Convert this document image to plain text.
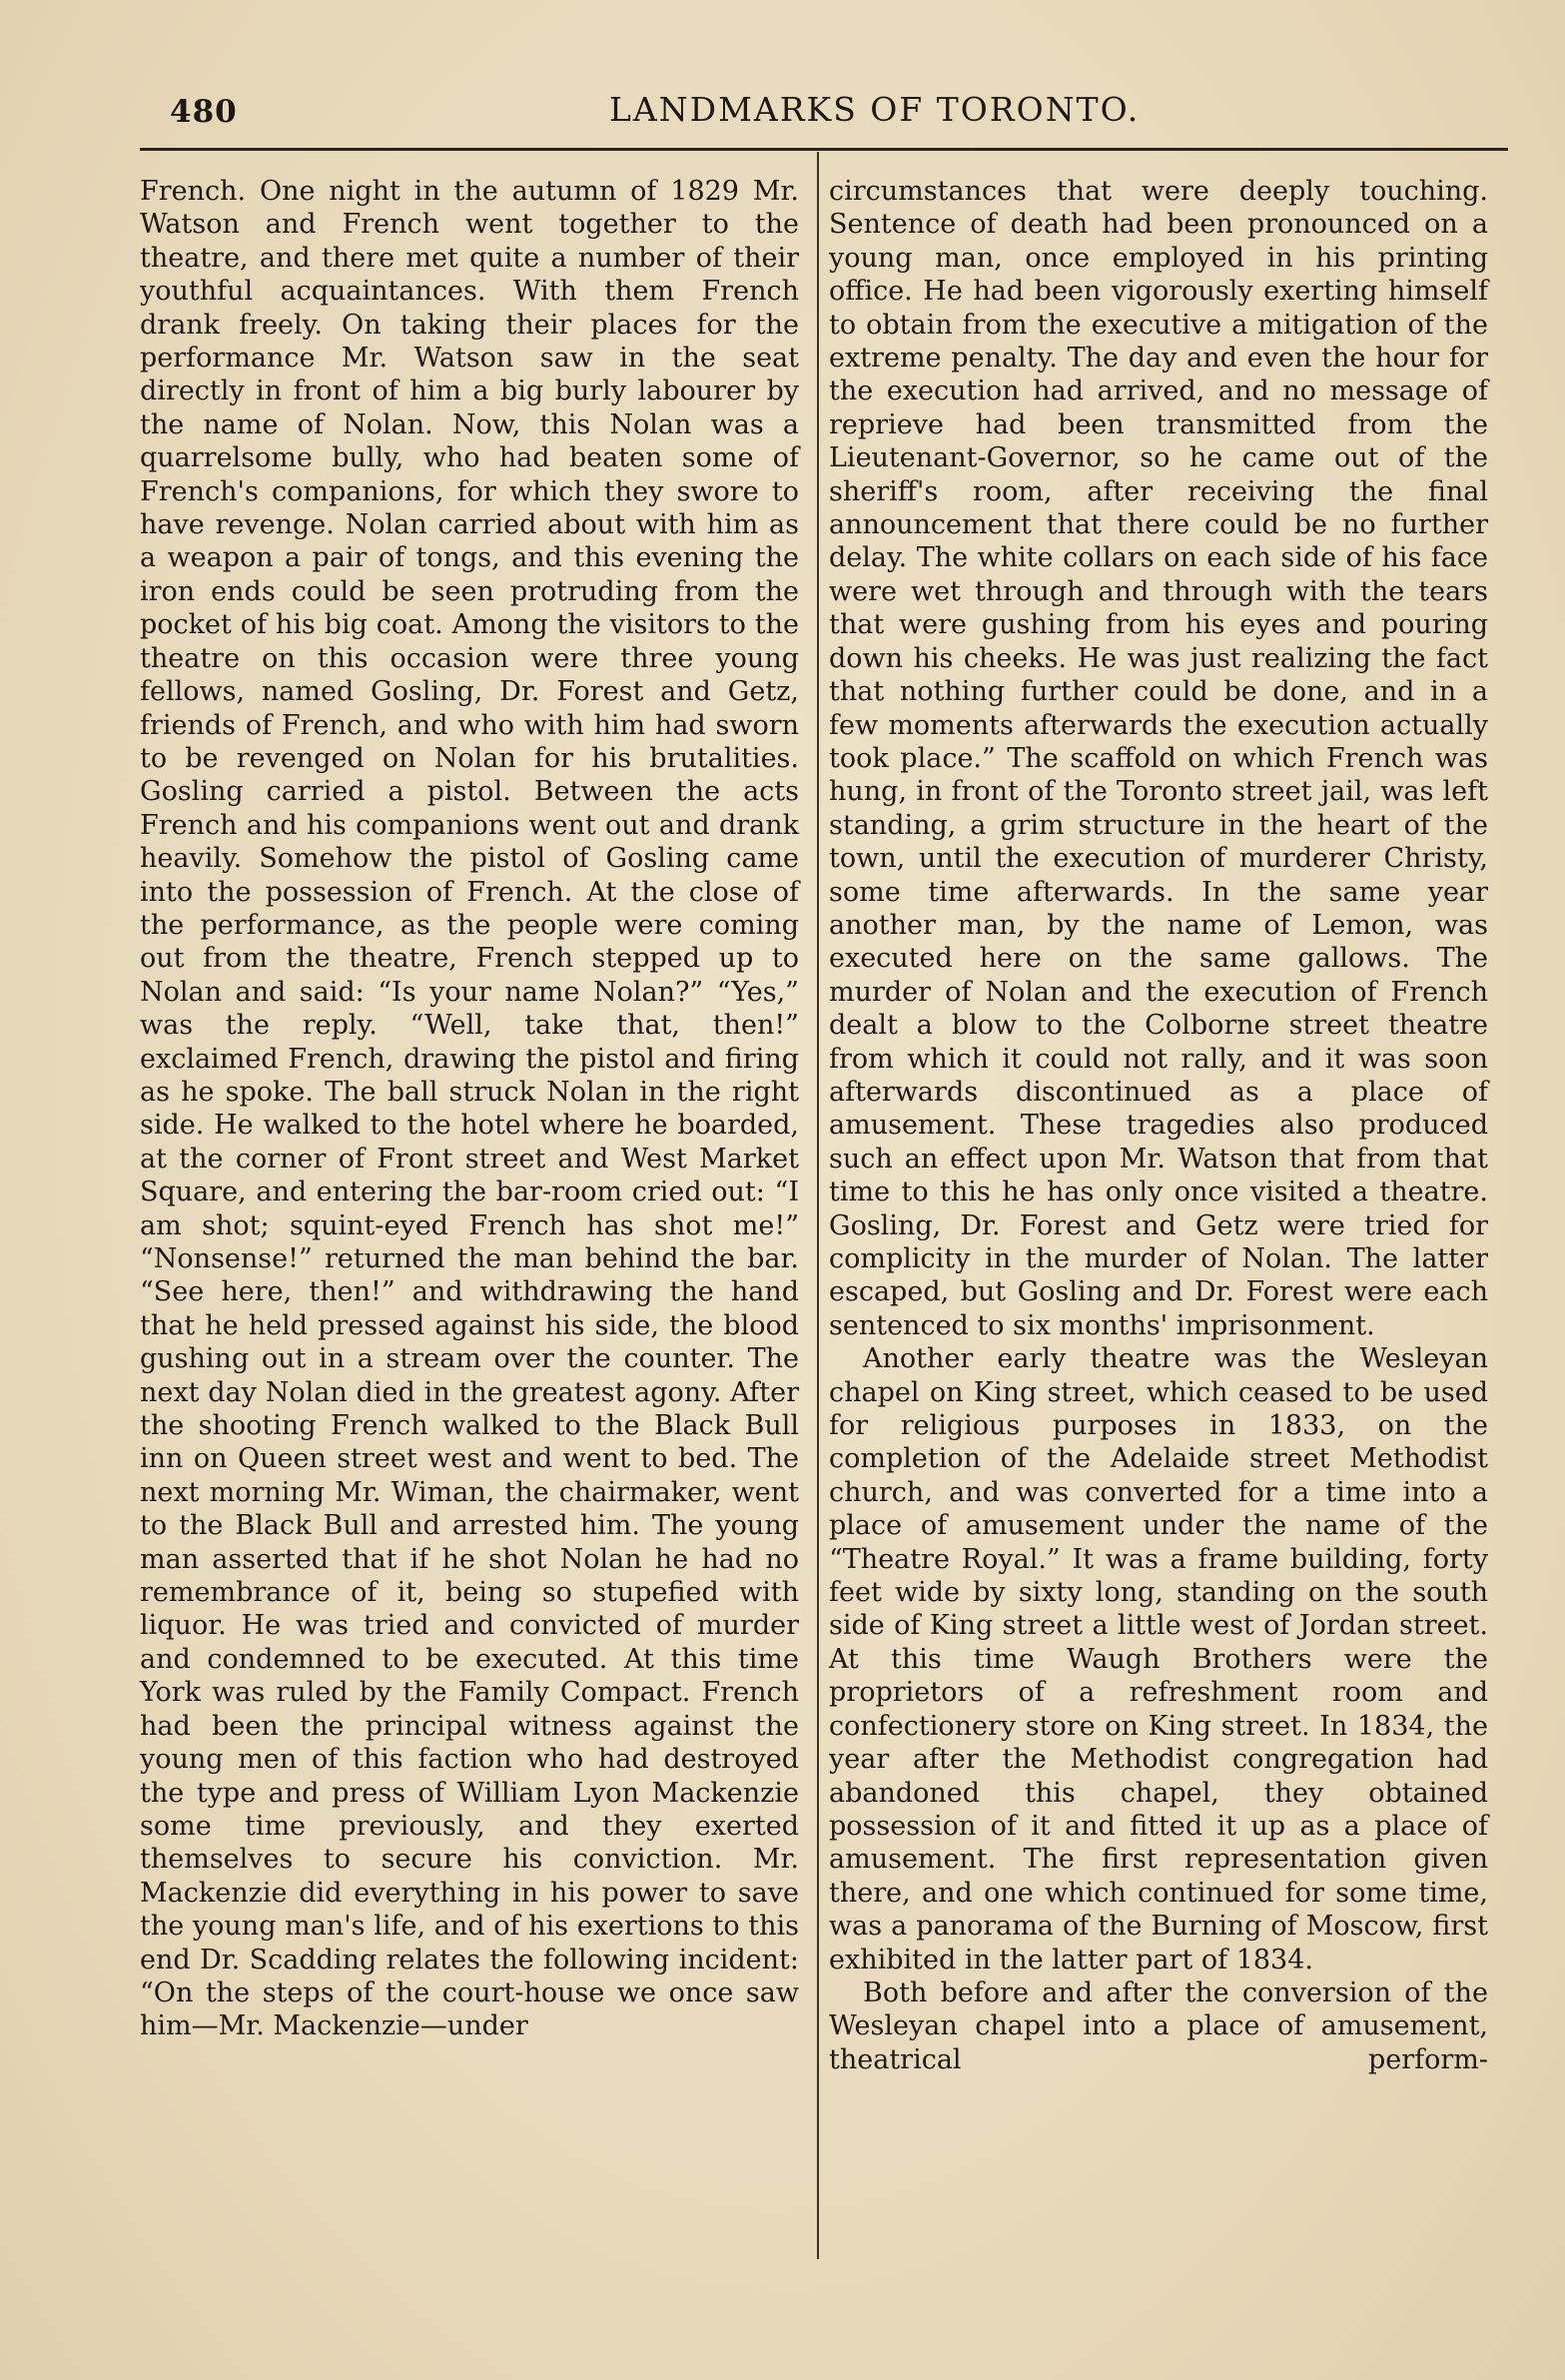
480	LANDMARKS OF TORONTO.

French. One night in the autumn of 1829 Mr. Watson and French went together to the theatre, and there met quite a number of their youthful acquaintances. With them French drank freely. On taking their places for the performance Mr. Watson saw in the seat directly in front of him a big burly labourer by the name of Nolan. Now, this Nolan was a quarrelsome bully, who had beaten some of French's companions, for which they swore to have revenge. Nolan carried about with him as a weapon a pair of tongs, and this evening the iron ends could be seen protruding from the pocket of his big coat. Among the visitors to the theatre on this occasion were three young fellows, named Gosling, Dr. Forest and Getz, friends of French, and who with him had sworn to be revenged on Nolan for his brutalities. Gosling carried a pistol. Between the acts French and his companions went out and drank heavily. Somehow the pistol of Gosling came into the possession of French. At the close of the performance, as the people were coming out from the theatre, French stepped up to Nolan and said: “Is your name Nolan?” “Yes,” was the reply. “Well, take that, then!” exclaimed French, drawing the pistol and firing as he spoke. The ball struck Nolan in the right side. He walked to the hotel where he boarded, at the corner of Front street and West Market Square, and entering the bar-room cried out: “I am shot; squint-eyed French has shot me!” “Nonsense!” returned the man behind the bar. “See here, then!” and withdrawing the hand that he held pressed against his side, the blood gushing out in a stream over the counter. The next day Nolan died in the greatest agony. After the shooting French walked to the Black Bull inn on Queen street west and went to bed. The next morning Mr. Wiman, the chairmaker, went to the Black Bull and arrested him. The young man asserted that if he shot Nolan he had no remembrance of it, being so stupefied with liquor. He was tried and convicted of murder and condemned to be executed. At this time York was ruled by the Family Compact. French had been the principal witness against the young men of this faction who had destroyed the type and press of William Lyon Mackenzie some time previously, and they exerted themselves to secure his conviction. Mr. Mackenzie did everything in his power to save the young man's life, and of his exertions to this end Dr. Scadding relates the following incident: “On the steps of the court-house we once saw him—Mr. Mackenzie—under

circumstances that were deeply touching. Sentence of death had been pronounced on a young man, once employed in his printing office. He had been vigorously exerting himself to obtain from the executive a mitigation of the extreme penalty. The day and even the hour for the execution had arrived, and no message of reprieve had been transmitted from the Lieutenant-Governor, so he came out of the sheriff's room, after receiving the final announcement that there could be no further delay. The white collars on each side of his face were wet through and through with the tears that were gushing from his eyes and pouring down his cheeks. He was just realizing the fact that nothing further could be done, and in a few moments afterwards the execution actually took place.” The scaffold on which French was hung, in front of the Toronto street jail, was left standing, a grim structure in the heart of the town, until the execution of murderer Christy, some time afterwards. In the same year another man, by the name of Lemon, was executed here on the same gallows. The murder of Nolan and the execution of French dealt a blow to the Colborne street theatre from which it could not rally, and it was soon afterwards discontinued as a place of amusement. These tragedies also produced such an effect upon Mr. Watson that from that time to this he has only once visited a theatre. Gosling, Dr. Forest and Getz were tried for complicity in the murder of Nolan. The latter escaped, but Gosling and Dr. Forest were each sentenced to six months' imprisonment.

Another early theatre was the Wesleyan chapel on King street, which ceased to be used for religious purposes in 1833, on the completion of the Adelaide street Methodist church, and was converted for a time into a place of amusement under the name of the “Theatre Royal.” It was a frame building, forty feet wide by sixty long, standing on the south side of King street a little west of Jordan street. At this time Waugh Brothers were the proprietors of a refreshment room and confectionery store on King street. In 1834, the year after the Methodist congregation had abandoned this chapel, they obtained possession of it and fitted it up as a place of amusement. The first representation given there, and one which continued for some time, was a panorama of the Burning of Moscow, first exhibited in the latter part of 1834.

Both before and after the conversion of the Wesleyan chapel into a place of amusement, theatrical perform-
